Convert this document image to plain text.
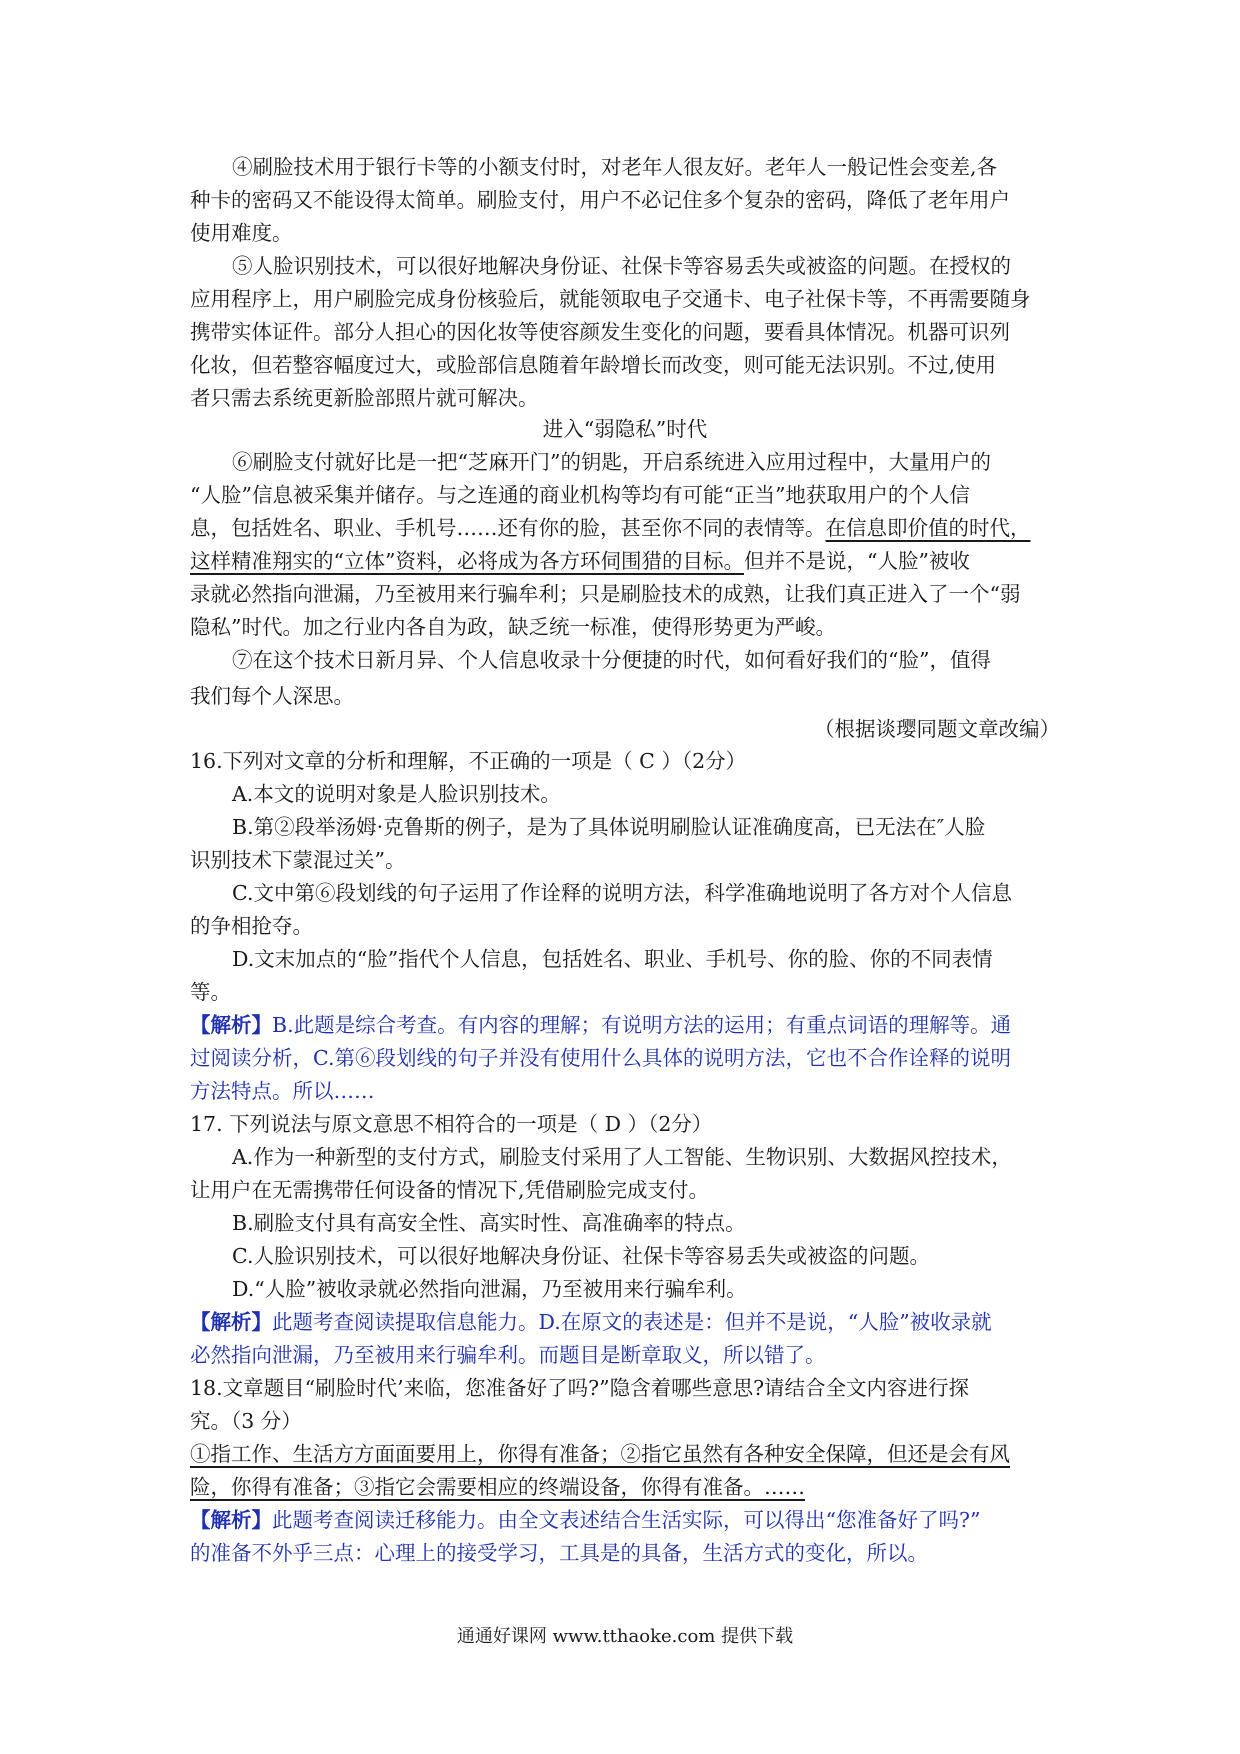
④刷脸技术用于银行卡等的小额支付时，对老年人很友好。老年人一般记性会变差,各
种卡的密码又不能设得太简单。刷脸支付，用户不必记住多个复杂的密码，降低了老年用户
使用难度。
⑤人脸识别技术，可以很好地解决身份证、社保卡等容易丢失或被盗的问题。在授权的
应用程序上，用户刷脸完成身份核验后，就能领取电子交通卡、电子社保卡等，不再需要随身
携带实体证件。部分人担心的因化妆等使容颜发生变化的问题，要看具体情况。机器可识列
化妆，但若整容幅度过大，或脸部信息随着年龄增长而改变，则可能无法识别。不过,使用
者只需去系统更新脸部照片就可解决。
进入“弱隐私”时代
⑥刷脸支付就好比是一把“芝麻开门”的钥匙，开启系统进入应用过程中，大量用户的
“人脸”信息被采集并储存。与之连通的商业机构等均有可能“正当”地获取用户的个人信
息，包括姓名、职业、手机号……还有你的脸，甚至你不同的表情等。在信息即价值的时代，
这样精准翔实的“立体”资料，必将成为各方环伺围猎的目标。但并不是说，“人脸”被收
录就必然指向泄漏，乃至被用来行骗牟利；只是刷脸技术的成熟，让我们真正进入了一个“弱
隐私”时代。加之行业内各自为政，缺乏统一标准，使得形势更为严峻。
⑦在这个技术日新月异、个人信息收录十分便捷的时代，如何看好我们的“脸”，值得
我们每个人深思。
（根据谈璎同题文章改编）
16.下列对文章的分析和理解，不正确的一项是（ C ）（2分）
A.本文的说明对象是人脸识别技术。
B.第②段举汤姆·克鲁斯的例子，是为了具体说明刷脸认证准确度高，已无法在″人脸
识别技术下蒙混过关”。
C.文中第⑥段划线的句子运用了作诠释的说明方法，科学准确地说明了各方对个人信息
的争相抢夺。
D.文末加点的“脸”指代个人信息，包括姓名、职业、手机号、你的脸、你的不同表情
等。
【解析】B.此题是综合考查。有内容的理解；有说明方法的运用；有重点词语的理解等。通
过阅读分析，C.第⑥段划线的句子并没有使用什么具体的说明方法，它也不合作诠释的说明
方法特点。所以……
17. 下列说法与原文意思不相符合的一项是（ D ）（2分）
A.作为一种新型的支付方式，刷脸支付采用了人工智能、生物识别、大数据风控技术，
让用户在无需携带任何设备的情况下,凭借刷脸完成支付。
B.刷脸支付具有高安全性、高实时性、高准确率的特点。
C.人脸识别技术，可以很好地解决身份证、社保卡等容易丢失或被盗的问题。
D.“人脸”被收录就必然指向泄漏，乃至被用来行骗牟利。
【解析】此题考查阅读提取信息能力。D.在原文的表述是：但并不是说，“人脸”被收录就
必然指向泄漏，乃至被用来行骗牟利。而题目是断章取义，所以错了。
18.文章题目“刷脸时代’来临，您准备好了吗?”隐含着哪些意思?请结合全文内容进行探
究。（3 分）
①指工作、生活方方面面要用上，你得有准备；②指它虽然有各种安全保障，但还是会有风
险，你得有准备；③指它会需要相应的终端设备，你得有准备。……
【解析】此题考查阅读迁移能力。由全文表述结合生活实际，可以得出“您准备好了吗?”
的准备不外乎三点：心理上的接受学习，工具是的具备，生活方式的变化，所以。
通通好课网 www.tthaoke.com 提供下载
